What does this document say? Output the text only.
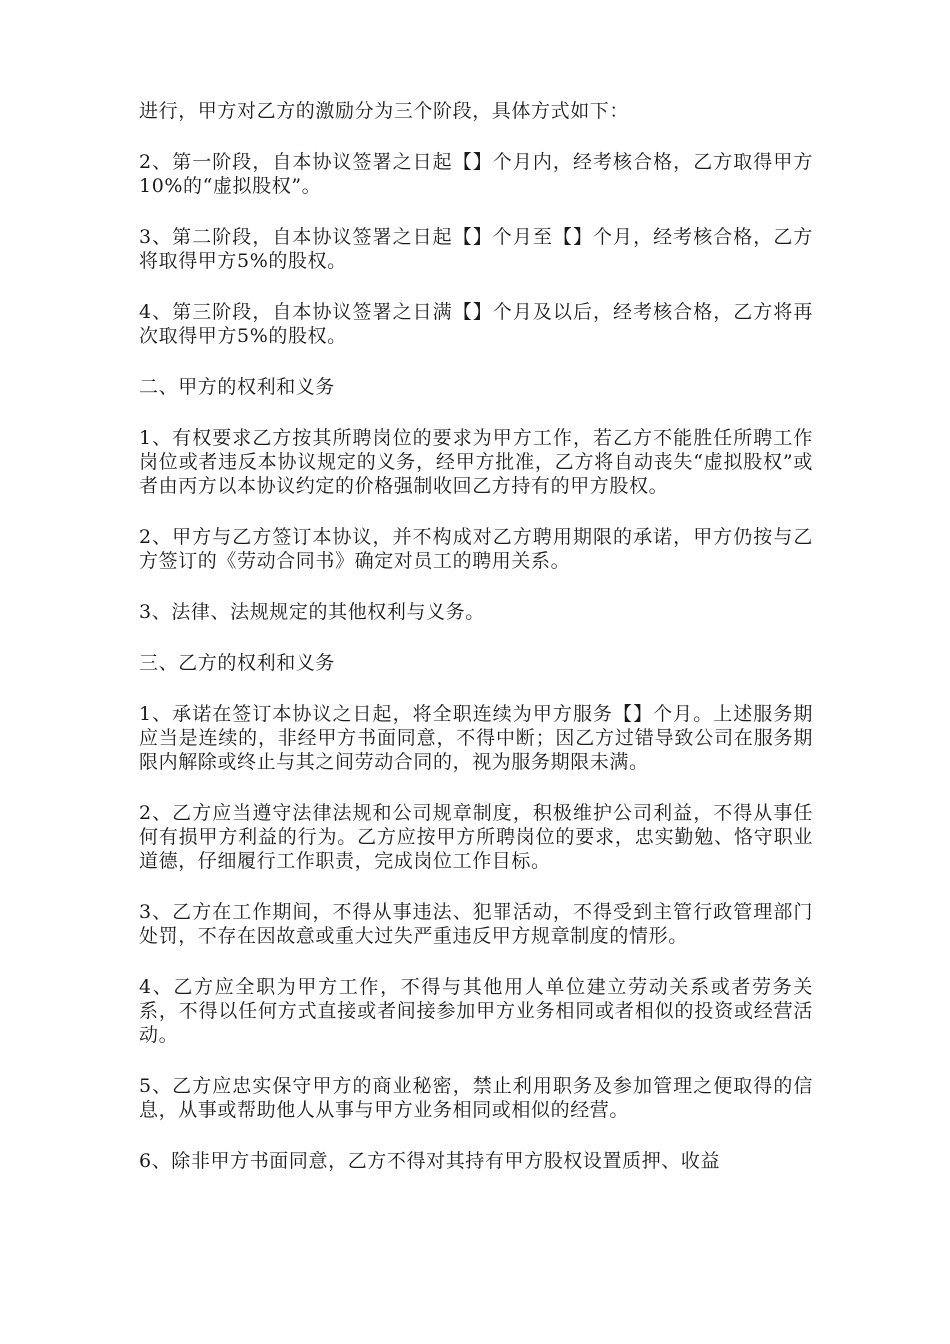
进行，甲方对乙方的激励分为三个阶段，具体方式如下：

2、第一阶段，自本协议签署之日起【】个月内，经考核合格，乙方取得甲方10%的“虚拟股权”。

3、第二阶段，自本协议签署之日起【】个月至【】个月，经考核合格，乙方将取得甲方5%的股权。

4、第三阶段，自本协议签署之日满【】个月及以后，经考核合格，乙方将再次取得甲方5%的股权。

二、甲方的权利和义务

1、有权要求乙方按其所聘岗位的要求为甲方工作，若乙方不能胜任所聘工作岗位或者违反本协议规定的义务，经甲方批准，乙方将自动丧失“虚拟股权”或者由丙方以本协议约定的价格强制收回乙方持有的甲方股权。

2、甲方与乙方签订本协议，并不构成对乙方聘用期限的承诺，甲方仍按与乙方签订的《劳动合同书》确定对员工的聘用关系。

3、法律、法规规定的其他权利与义务。

三、乙方的权利和义务

1、承诺在签订本协议之日起，将全职连续为甲方服务【】个月。上述服务期应当是连续的，非经甲方书面同意，不得中断；因乙方过错导致公司在服务期限内解除或终止与其之间劳动合同的，视为服务期限未满。

2、乙方应当遵守法律法规和公司规章制度，积极维护公司利益，不得从事任何有损甲方利益的行为。乙方应按甲方所聘岗位的要求，忠实勤勉、恪守职业道德，仔细履行工作职责，完成岗位工作目标。

3、乙方在工作期间，不得从事违法、犯罪活动，不得受到主管行政管理部门处罚，不存在因故意或重大过失严重违反甲方规章制度的情形。

4、乙方应全职为甲方工作，不得与其他用人单位建立劳动关系或者劳务关系，不得以任何方式直接或者间接参加甲方业务相同或者相似的投资或经营活动。

5、乙方应忠实保守甲方的商业秘密，禁止利用职务及参加管理之便取得的信息，从事或帮助他人从事与甲方业务相同或相似的经营。

6、除非甲方书面同意，乙方不得对其持有甲方股权设置质押、收益
